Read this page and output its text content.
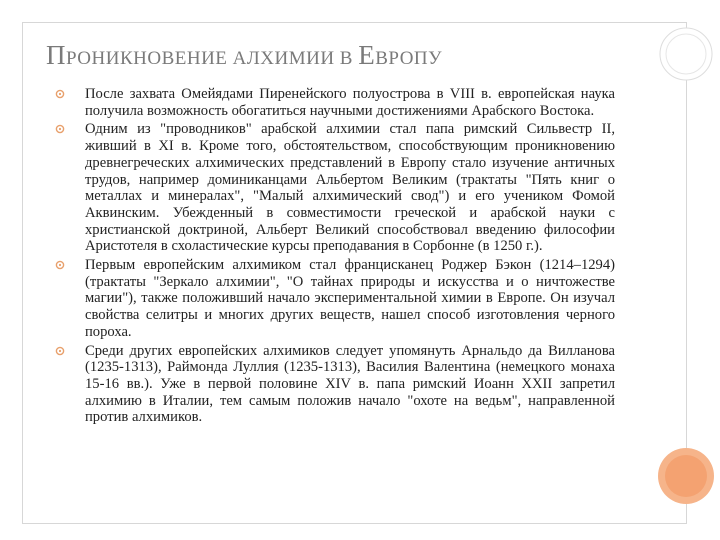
ПРОНИКНОВЕНИЕ АЛХИМИИ В ЕВРОПУ

После захвата Омейядами Пиренейского полуострова в VIII в. европейская наука получила возможность обогатиться научными достижениями Арабского Востока.

Одним из "проводников" арабской алхимии стал папа римский Сильвестр II, живший в XI в. Кроме того, обстоятельством, способствующим проникновению древнегреческих алхимических представлений в Европу стало изучение античных трудов, например доминиканцами Альбертом Великим (трактаты "Пять книг о металлах и минералах", "Малый алхимический свод") и его учеником Фомой Аквинским. Убежденный в совместимости греческой и арабской науки с христианской доктриной, Альберт Великий способствовал введению философии Аристотеля в схоластические курсы преподавания в Сорбонне (в 1250 г.).

Первым европейским алхимиком стал францисканец Роджер Бэкон (1214–1294) (трактаты "Зеркало алхимии", "О тайнах природы и искусства и о ничтожестве магии"), также положивший начало экспериментальной химии в Европе. Он изучал свойства селитры и многих других веществ, нашел способ изготовления черного пороха.

Среди других европейских алхимиков следует упомянуть Арнальдо да Вилланова (1235-1313), Раймонда Луллия (1235-1313), Василия Валентина (немецкого монаха 15-16 вв.). Уже в первой половине XIV в. папа римский Иоанн XXII запретил алхимию в Италии, тем самым положив начало "охоте на ведьм", направленной против алхимиков.
